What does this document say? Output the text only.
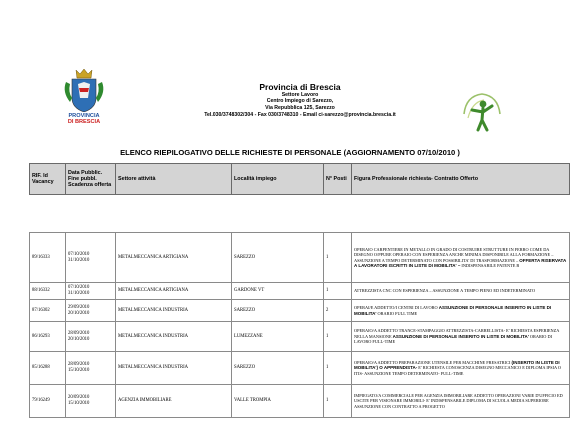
PROVINCIA
DI BRESCIA
Provincia di Brescia
Settore Lavoro
Centro Impiego di Sarezzo,
Via Repubblica 125, Sarezzo
Tel.030/3748302/304 - Fax 030/3748310 - Email ci-sarezzo@provincia.brescia.it
ELENCO RIEPILOGATIVO DELLE RICHIESTE DI PERSONALE (AGGIORNAMENTO 07/10/2010 )
RIF. Id Vacancy	Data Pubblic. Fine pubbl. Scadenza offerta	Settore attività	Località impiego	N° Posti	Figura Professionale richiesta- Contratto Offerto
89/16333	07/10/2010
31/10/2010	METALMECCANICA ARTIGIANA	SAREZZO	1	OPERAIO CARPENTIERE IN METALLO IN GRADO DI COSTRUIRE STRUTTURE IN FERRO COME DA DISEGNO O/PPURE OPERAIO CON ESPERIENZA ANCHE MINIMA DISPONIBILE ALLA FORMAZIONE – ASSUNZIONE A TEMPO DETERMINATO CON POSSIBILITA' DI TRASFORMAZIONE – OFFERTA RISERVATA A LAVORATORI ISCRITTI IN LISTE DI MOBILITA' – INDISPENSABILE PATENTE B
88/16332	07/10/2010
31/10/2010	METALMECCANICA ARTIGIANA	GARDONE VT	1	ATTREZZISTA CNC CON ESPERIENZA – ASSUNZIONE A TEMPO PIENO ED INDETERMINATO
87/16302	29/09/2010
20/10/2010	METALMECCANICA INDUSTRIA	SAREZZO	2	OPERAI/E ADDETTO/I CENTRI DI LAVORO ASSUNZIONE DI PERSONALE INSERITO IN LISTE DI MOBILITA' ORARIO FULL TIME
86/16293	28/09/2010
20/10/2010	METALMECCANICA INDUSTRIA	LUMEZZANE	1	OPERAIO/A ADDETTO TRANCE-STAMPAGGIO ATTREZZISTA-CARRELLISTA- E' RICHIESTA ESPERIENZA NELLA MANSIONE ASSUNZIONE DI PERSONALE INSERITO IN LISTE DI MOBILITA' ORARIO DI LAVORO FULL-TIME
85/16288	28/09/2010
15/10/2010	METALMECCANICA INDUSTRIA	SAREZZO	1	OPERAIO/A ADDETTO PREPARAZIONE UTENSILE PER MACCHINE FRESATRICI (INSERITO IN LISTE DI MOBILITA') O APPRENDISTA- E' RICHIESTA CONOSCENZA DISEGNO MECCANICO E DIPLOMA IPSIA O ITIS- ASSUNZIONE TEMPO DETERMINATO- FULL-TIME
79/16249	20/09/2010
15/10/2010	AGENZIA IMMOBILIARE	VALLE TROMPIA	1	IMPIEGATO/A COMMERCIALE PER AGENZIA IMMOBILIARE ADDETTO OPERAZIONI VARIE D'UFFICIO ED USCITE PER VISIONARE IMMOBILI- E' INDISPENSABILE DIPLOMA DI SCUOLA MEDIA SUPERIORE ASSUNZIONE CON CONTRATTO A PROGETTO
